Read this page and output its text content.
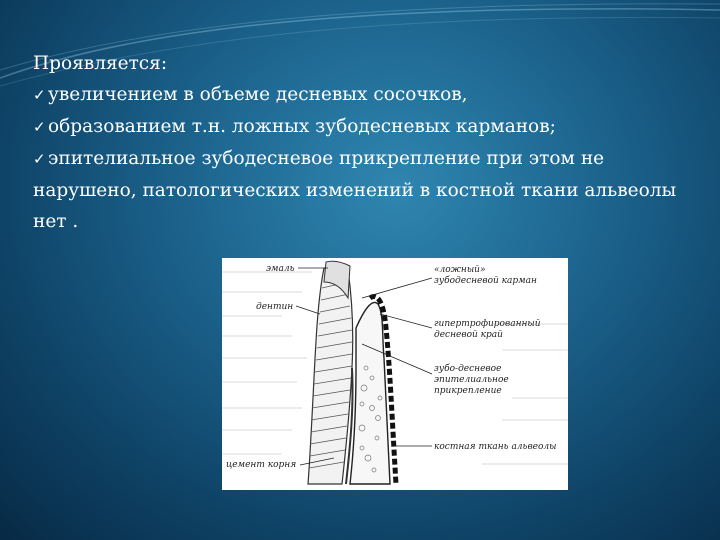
Проявляется:
✓ увеличением в объеме десневых сосочков,
✓ образованием т.н. ложных зубодесневых карманов;
✓ эпителиальное зубодесневое прикрепление при этом не
нарушено, патологических изменений в костной ткани альвеолы
нет .
эмаль
дентин
цемент корня
«ложный»
зубодесневой карман
гипертрофированный
десневой край
зубо-десневое
эпителиальное
прикрепление
костная ткань альвеолы
